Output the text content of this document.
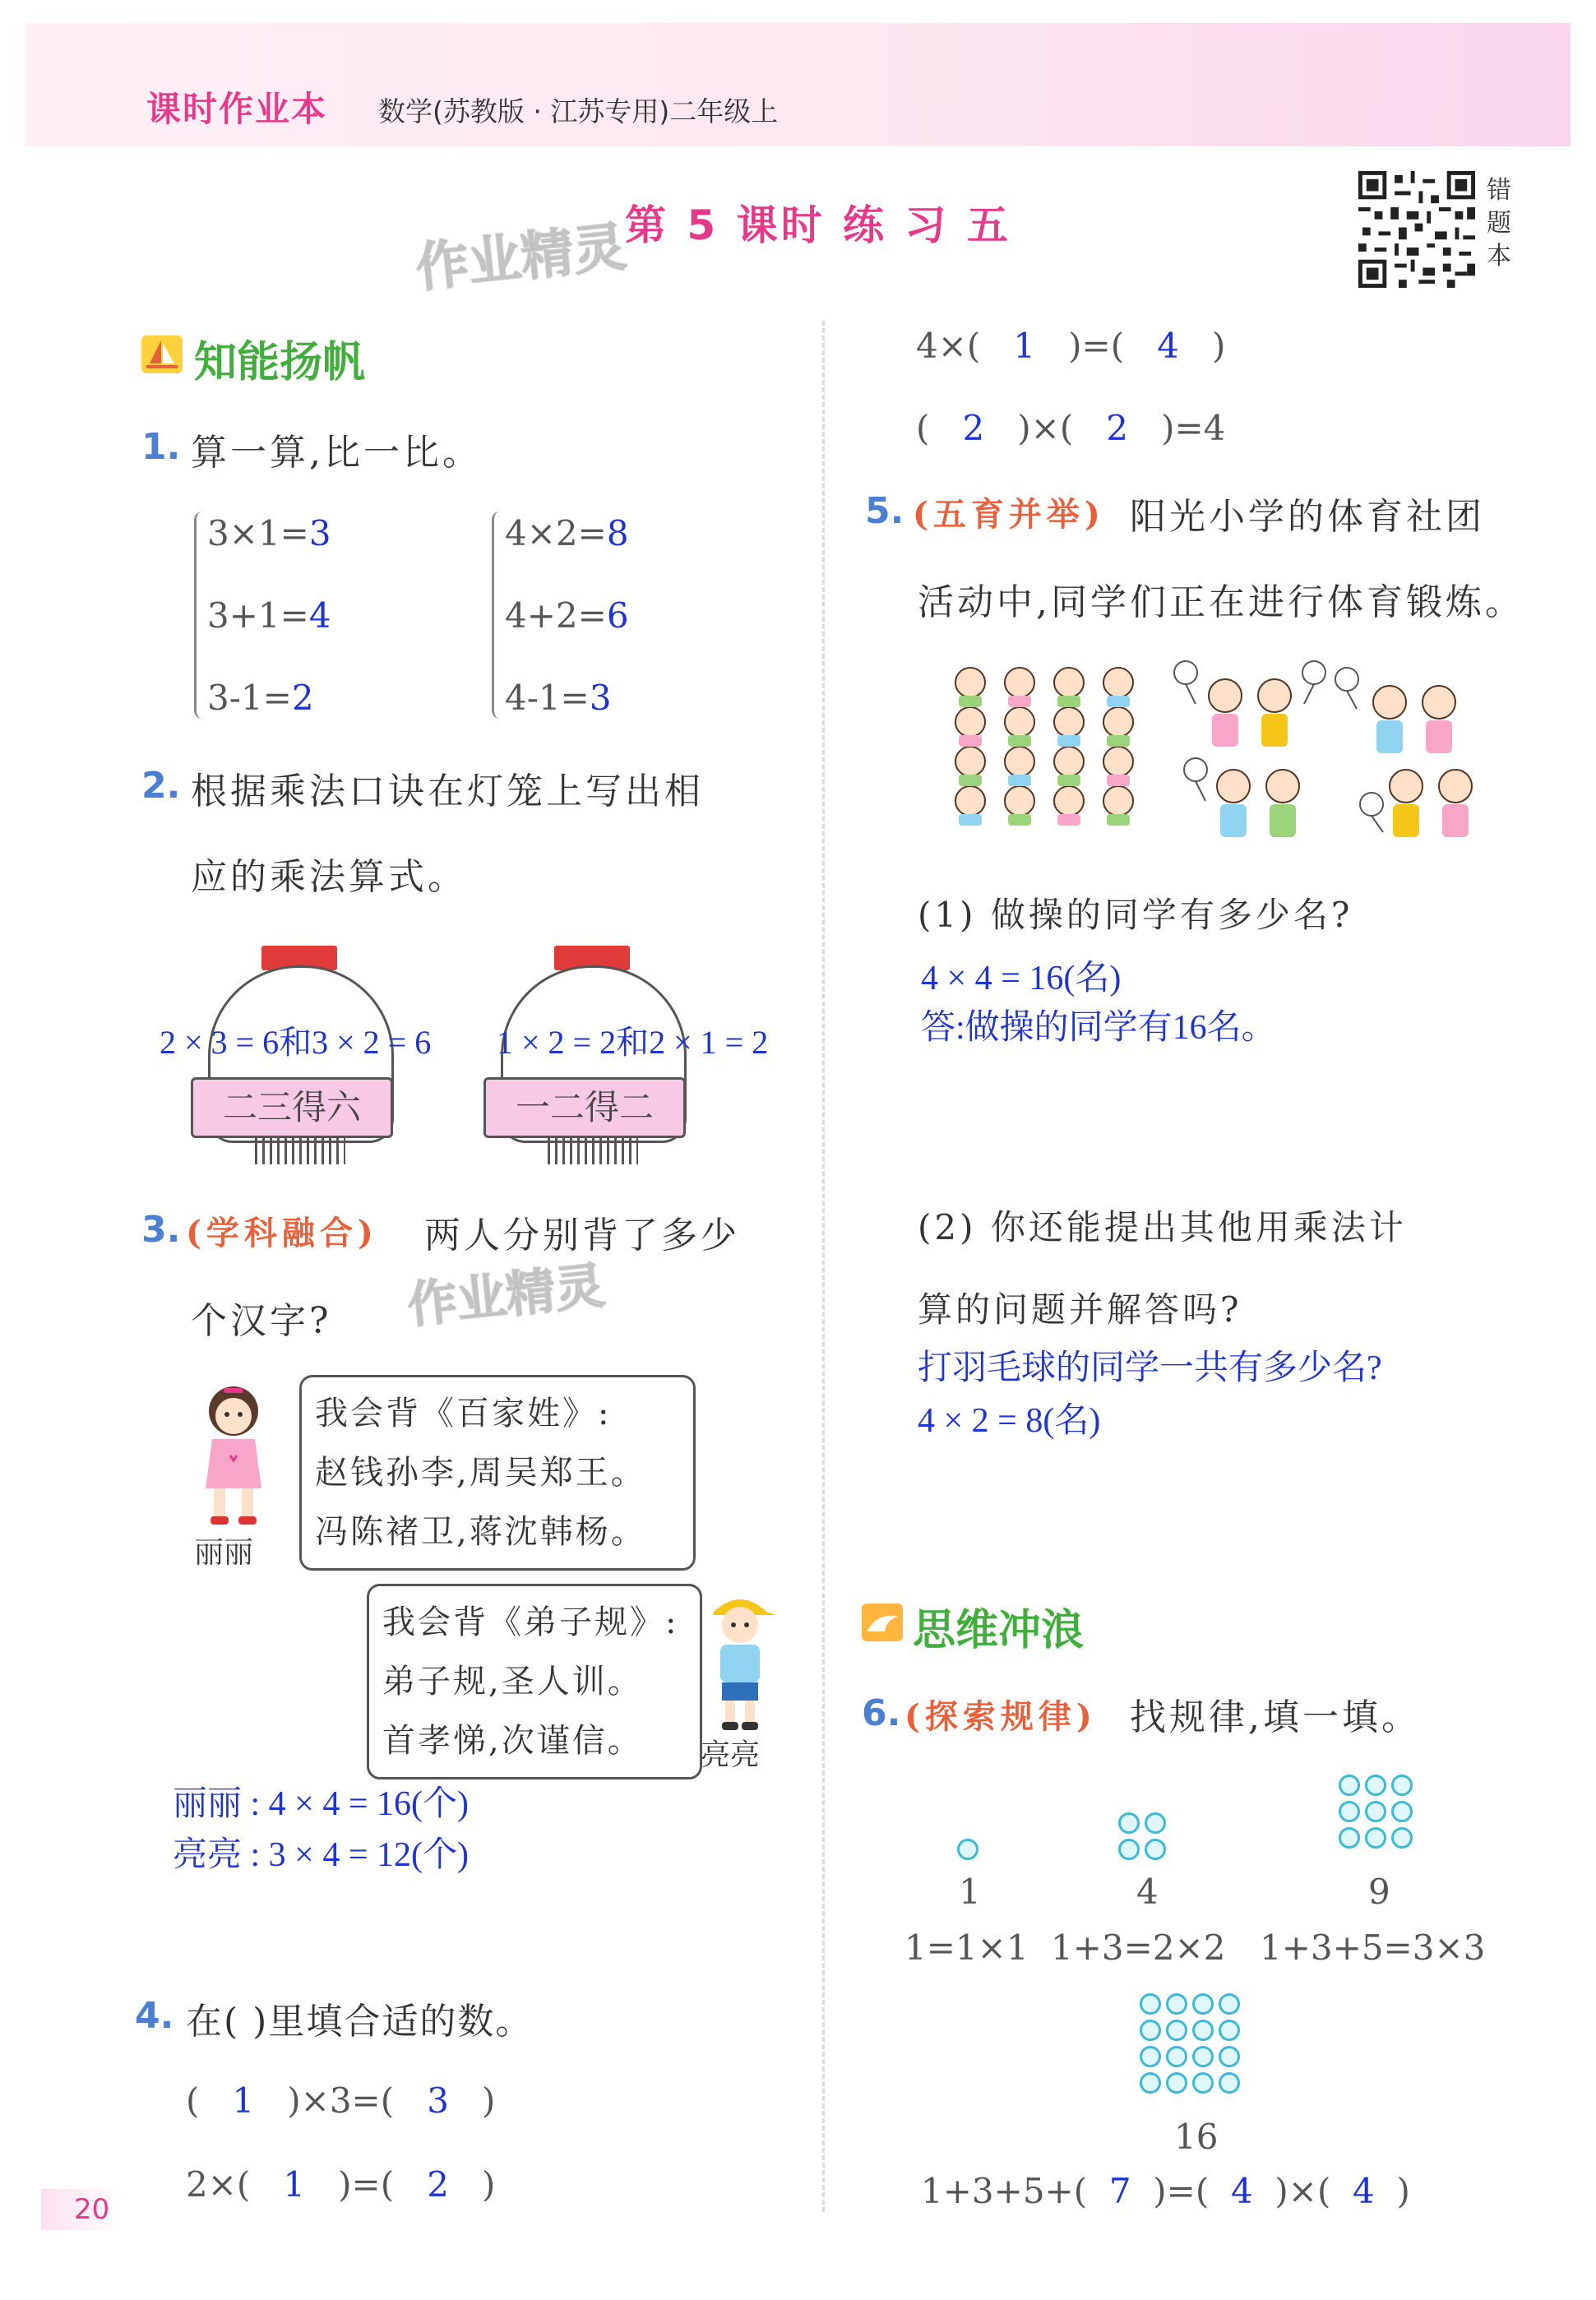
课时作业本 数学(苏教版 · 江苏专用)二年级上
第 5 课时 练 习 五
作业精灵
错题本
知能扬帆
1. 算一算,比一比。
3×1=3
3+1=4
3-1=2
4×2=8
4+2=6
4-1=3
2. 根据乘法口诀在灯笼上写出相
应的乘法算式。
二三得六
2 × 3 = 6和3 × 2 = 6
一二得二
1 × 2 = 2和2 × 1 = 2
3. (学科融合) 两人分别背了多少
个汉字? 作业精灵
丽丽
我会背《百家姓》:
赵钱孙李,周吴郑王。
冯陈褚卫,蒋沈韩杨。
我会背《弟子规》:
弟子规,圣人训。
首孝悌,次谨信。	亮亮
丽丽 : 4 × 4 = 16(个)
亮亮 : 3 × 4 = 12(个)
4. 在( )里填合适的数。
( 1 )×3=( 3 )
2×( 1 )=( 2 )
20
4×( 1 )=( 4 )
( 2 )×( 2 )=4
5. (五育并举) 阳光小学的体育社团
活动中,同学们正在进行体育锻炼。
(1) 做操的同学有多少名?
4 × 4 = 16(名)
答:做操的同学有16名。
(2) 你还能提出其他用乘法计
算的问题并解答吗?
打羽毛球的同学一共有多少名?
4 × 2 = 8(名)
思维冲浪
6. (探索规律) 找规律,填一填。
1	4	9
16
1=1×1 1+3=2×2 1+3+5=3×3
1+3+5+( 7 )=( 4 )×( 4 )
